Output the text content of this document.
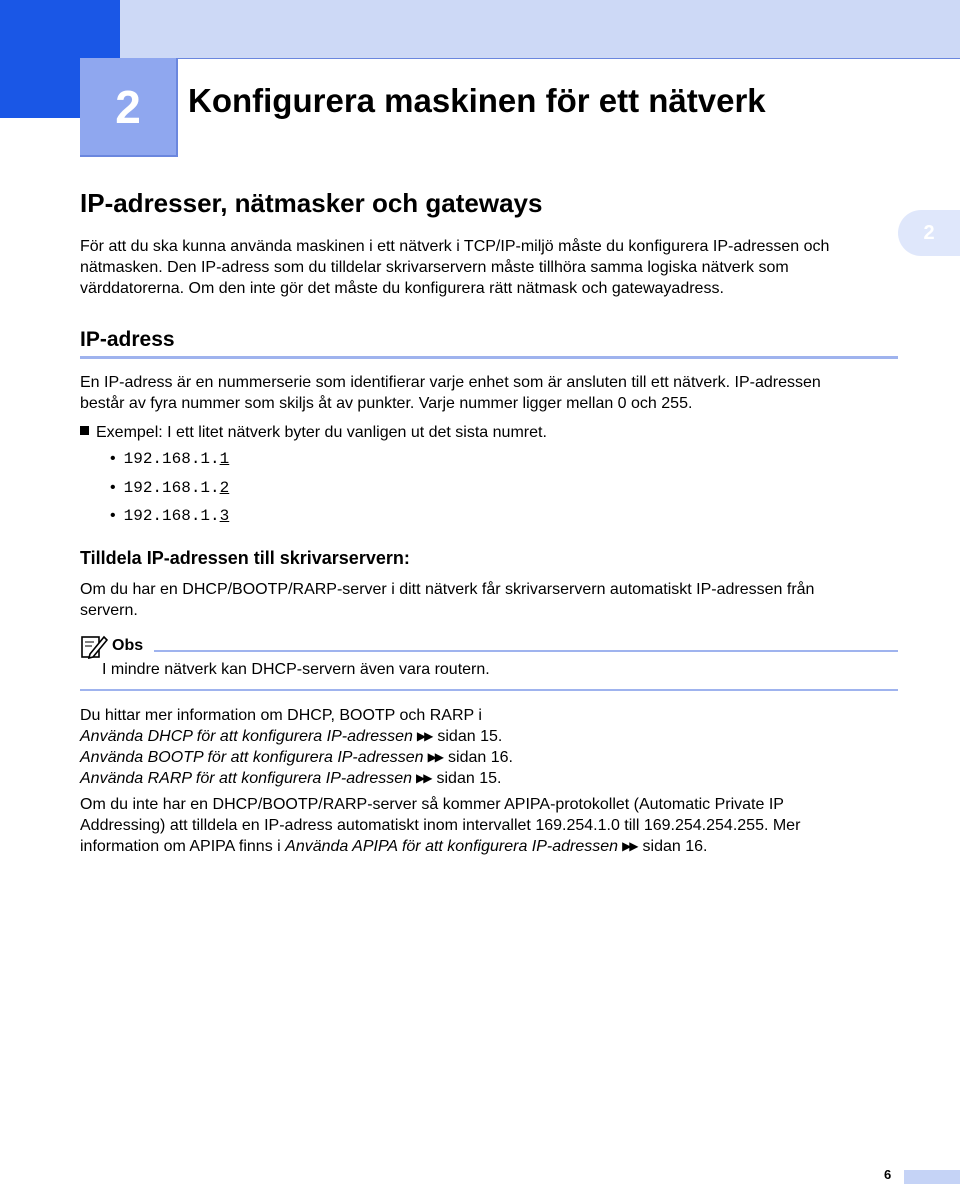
2 Konfigurera maskinen för ett nätverk
2
IP-adresser, nätmasker och gateways
För att du ska kunna använda maskinen i ett nätverk i TCP/IP-miljö måste du konfigurera IP-adressen och
nätmasken. Den IP-adress som du tilldelar skrivarservern måste tillhöra samma logiska nätverk som
värddatorerna. Om den inte gör det måste du konfigurera rätt nätmask och gatewayadress.
IP-adress
En IP-adress är en nummerserie som identifierar varje enhet som är ansluten till ett nätverk. IP-adressen
består av fyra nummer som skiljs åt av punkter. Varje nummer ligger mellan 0 och 255.
Exempel: I ett litet nätverk byter du vanligen ut det sista numret.
• 192.168.1.1
• 192.168.1.2
• 192.168.1.3
Tilldela IP-adressen till skrivarservern:
Om du har en DHCP/BOOTP/RARP-server i ditt nätverk får skrivarservern automatiskt IP-adressen från
servern.
Obs
I mindre nätverk kan DHCP-servern även vara routern.
Du hittar mer information om DHCP, BOOTP och RARP i
Använda DHCP för att konfigurera IP-adressen ▶▶ sidan 15.
Använda BOOTP för att konfigurera IP-adressen ▶▶ sidan 16.
Använda RARP för att konfigurera IP-adressen ▶▶ sidan 15.
Om du inte har en DHCP/BOOTP/RARP-server så kommer APIPA-protokollet (Automatic Private IP
Addressing) att tilldela en IP-adress automatiskt inom intervallet 169.254.1.0 till 169.254.254.255. Mer
information om APIPA finns i Använda APIPA för att konfigurera IP-adressen ▶▶ sidan 16.
6
